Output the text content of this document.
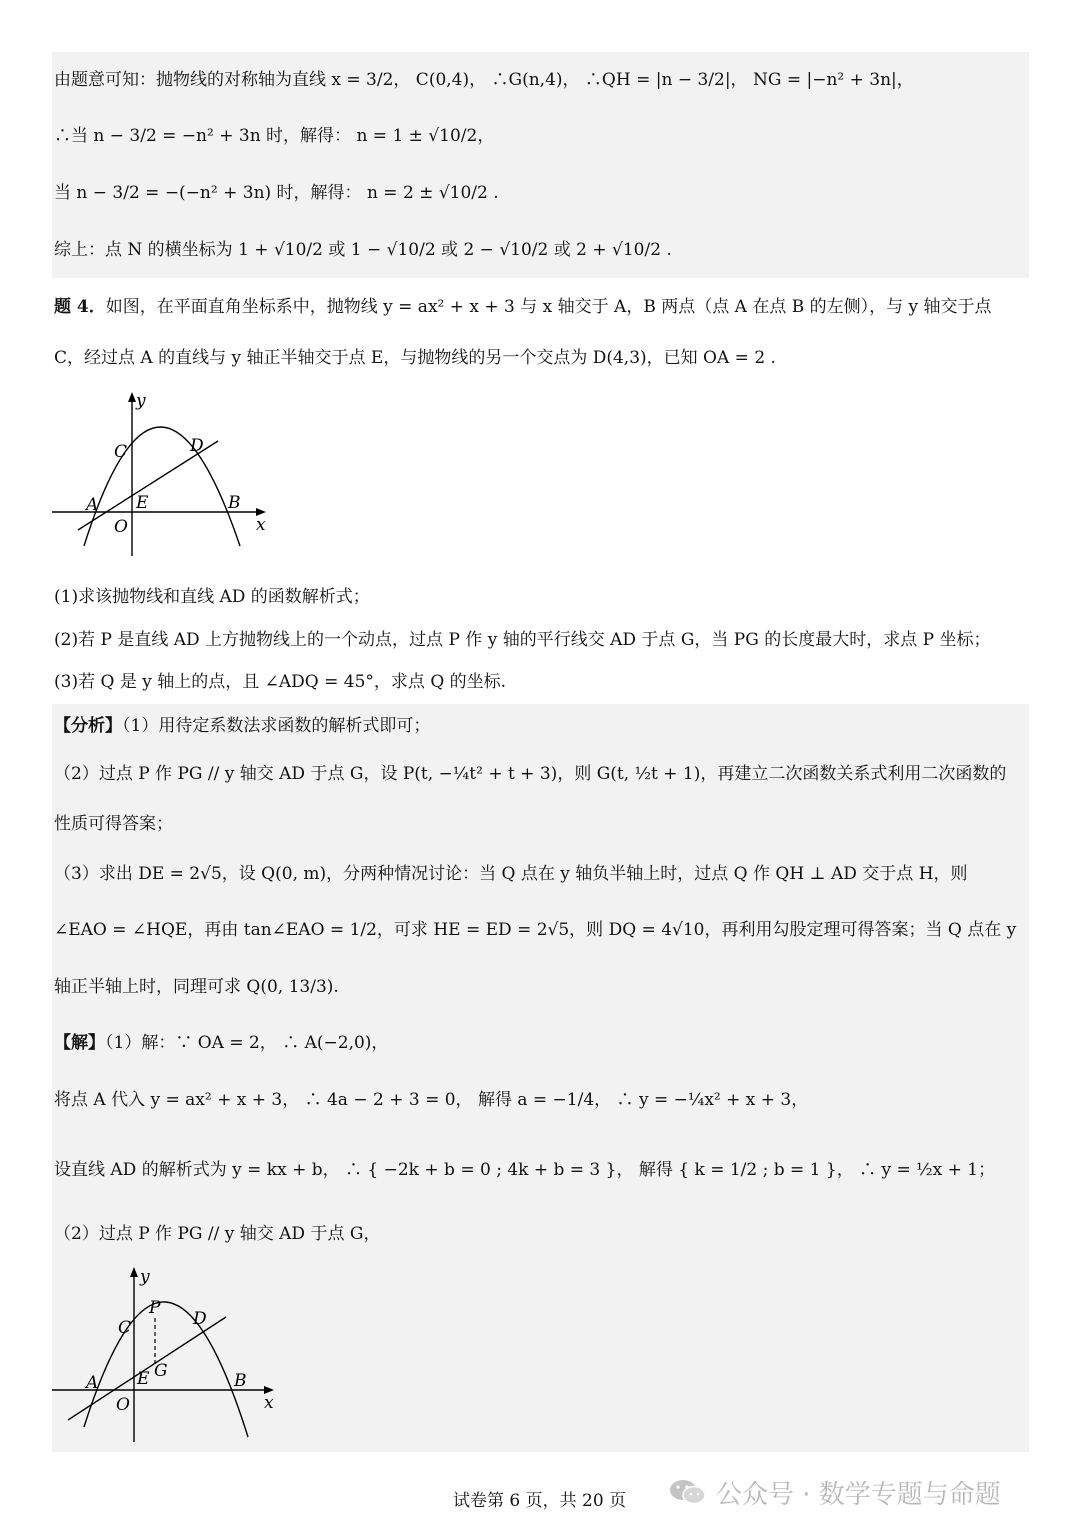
由题意可知：抛物线的对称轴为直线 x = 3/2， C(0,4)， ∴G(n,4)， ∴QH = |n − 3/2|， NG = |−n² + 3n|，
∴当 n − 3/2 = −n² + 3n 时，解得： n = 1 ± √10/2，
当 n − 3/2 = −(−n² + 3n) 时，解得： n = 2 ± √10/2 .
综上：点 N 的横坐标为 1 + √10/2 或 1 − √10/2 或 2 − √10/2 或 2 + √10/2 .
题 4．如图，在平面直角坐标系中，抛物线 y = ax² + x + 3 与 x 轴交于 A，B 两点（点 A 在点 B 的左侧），与 y 轴交于点
C，经过点 A 的直线与 y 轴正半轴交于点 E，与抛物线的另一个交点为 D(4,3)，已知 OA = 2 .
y
x
C	D
A E	B
O
(1)求该抛物线和直线 AD 的函数解析式；
(2)若 P 是直线 AD 上方抛物线上的一个动点，过点 P 作 y 轴的平行线交 AD 于点 G，当 PG 的长度最大时，求点 P 坐标；
(3)若 Q 是 y 轴上的点，且 ∠ADQ = 45°，求点 Q 的坐标.
【分析】（1）用待定系数法求函数的解析式即可；
（2）过点 P 作 PG // y 轴交 AD 于点 G，设 P(t, −¼t² + t + 3)，则 G(t, ½t + 1)，再建立二次函数关系式利用二次函数的
性质可得答案；
（3）求出 DE = 2√5，设 Q(0, m)，分两种情况讨论：当 Q 点在 y 轴负半轴上时，过点 Q 作 QH ⊥ AD 交于点 H，则
∠EAO = ∠HQE，再由 tan∠EAO = 1/2，可求 HE = ED = 2√5，则 DQ = 4√10，再利用勾股定理可得答案；当 Q 点在 y
轴正半轴上时，同理可求 Q(0, 13/3).
【解】（1）解：∵ OA = 2， ∴ A(−2,0)，
将点 A 代入 y = ax² + x + 3， ∴ 4a − 2 + 3 = 0， 解得 a = −1/4， ∴ y = −¼x² + x + 3，
设直线 AD 的解析式为 y = kx + b， ∴ { −2k + b = 0 ; 4k + b = 3 }， 解得 { k = 1/2 ; b = 1 }， ∴ y = ½x + 1；
（2）过点 P 作 PG // y 轴交 AD 于点 G，
y
x
P
C	D
A E G	B
O
试卷第 6 页，共 20 页	公众号 · 数学专题与命题
